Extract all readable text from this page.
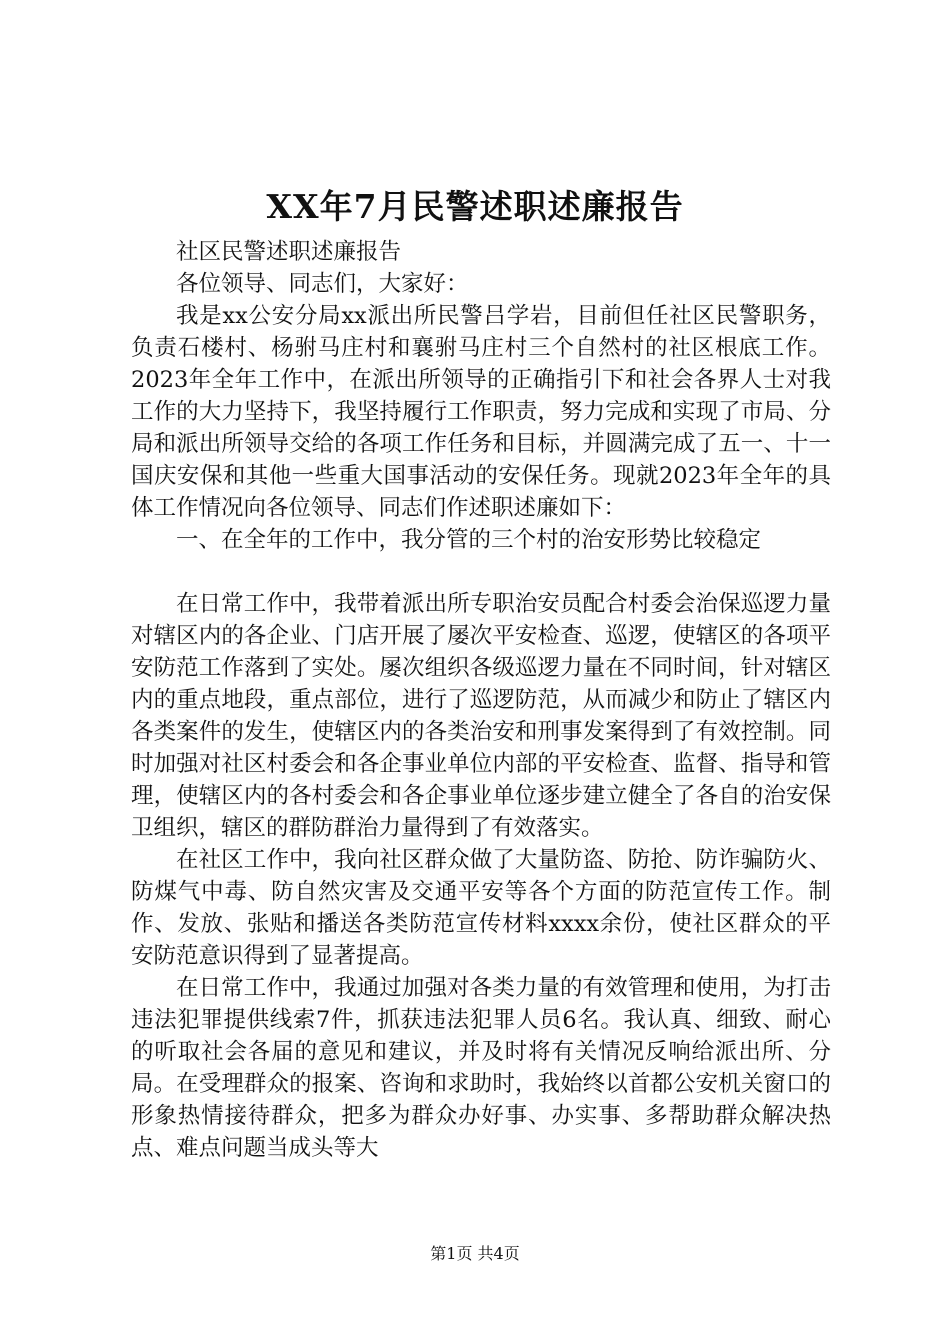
XX年7月民警述职述廉报告

社区民警述职述廉报告

各位领导、同志们，大家好：

我是xx公安分局xx派出所民警吕学岩，目前但任社区民警职务，负责石楼村、杨驸马庄村和襄驸马庄村三个自然村的社区根底工作。2023年全年工作中，在派出所领导的正确指引下和社会各界人士对我工作的大力坚持下，我坚持履行工作职责，努力完成和实现了市局、分局和派出所领导交给的各项工作任务和目标，并圆满完成了五一、十一国庆安保和其他一些重大国事活动的安保任务。现就2023年全年的具体工作情况向各位领导、同志们作述职述廉如下：

一、在全年的工作中，我分管的三个村的治安形势比较稳定

在日常工作中，我带着派出所专职治安员配合村委会治保巡逻力量对辖区内的各企业、门店开展了屡次平安检查、巡逻，使辖区的各项平安防范工作落到了实处。屡次组织各级巡逻力量在不同时间，针对辖区内的重点地段，重点部位，进行了巡逻防范，从而减少和防止了辖区内各类案件的发生，使辖区内的各类治安和刑事发案得到了有效控制。同时加强对社区村委会和各企事业单位内部的平安检查、监督、指导和管理，使辖区内的各村委会和各企事业单位逐步建立健全了各自的治安保卫组织，辖区的群防群治力量得到了有效落实。

在社区工作中，我向社区群众做了大量防盗、防抢、防诈骗防火、防煤气中毒、防自然灾害及交通平安等各个方面的防范宣传工作。制作、发放、张贴和播送各类防范宣传材料xxxx余份，使社区群众的平安防范意识得到了显著提高。

在日常工作中，我通过加强对各类力量的有效管理和使用，为打击违法犯罪提供线索7件，抓获违法犯罪人员6名。我认真、细致、耐心的听取社会各届的意见和建议，并及时将有关情况反响给派出所、分局。在受理群众的报案、咨询和求助时，我始终以首都公安机关窗口的形象热情接待群众，把多为群众办好事、办实事、多帮助群众解决热点、难点问题当成头等大

第1页 共4页
